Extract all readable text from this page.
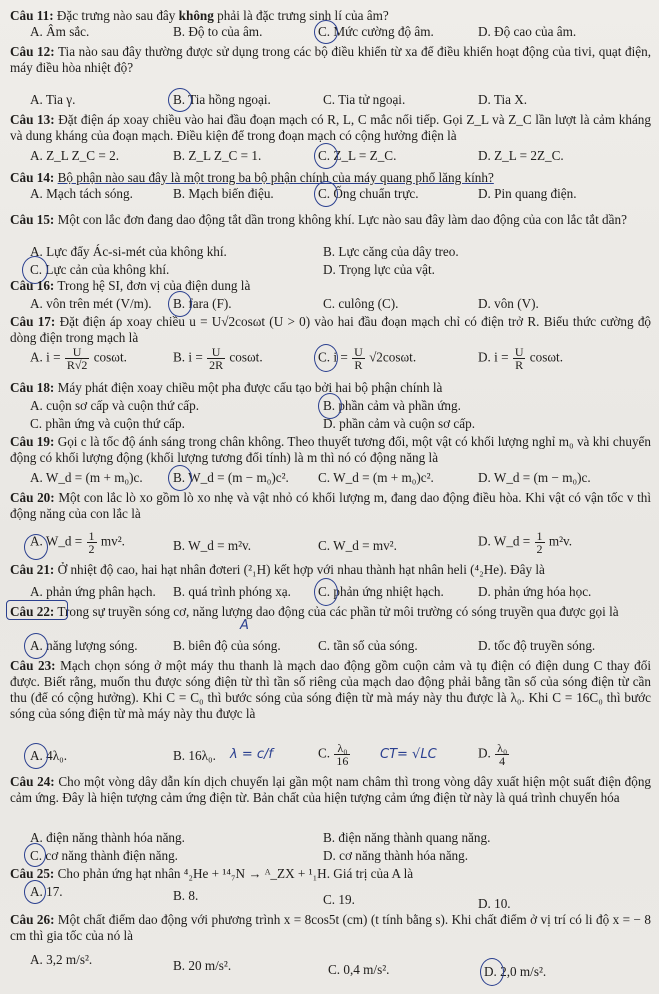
Câu 11: Đặc trưng nào sau đây không phải là đặc trưng sinh lí của âm?
A. Âm sắc.	B. Độ to của âm.	C. Mức cường độ âm.	D. Độ cao của âm.
Câu 12: Tia nào sau đây thường được sử dụng trong các bộ điều khiển từ xa để điều khiển hoạt động của tivi, quạt điện, máy điều hòa nhiệt độ?
A. Tia γ.	B. Tia hồng ngoại.	C. Tia tử ngoại.	D. Tia X.
Câu 13: Đặt điện áp xoay chiều vào hai đầu đoạn mạch có R, L, C mắc nối tiếp. Gọi Z_L và Z_C lần lượt là cảm kháng và dung kháng của đoạn mạch. Điều kiện để trong đoạn mạch có cộng hưởng điện là
A. Z_L Z_C = 2.	B. Z_L Z_C = 1.	C. Z_L = Z_C.	D. Z_L = 2Z_C.
Câu 14: Bộ phận nào sau đây là một trong ba bộ phận chính của máy quang phổ lăng kính?
A. Mạch tách sóng.	B. Mạch biến điệu.	C. Ống chuẩn trực.	D. Pin quang điện.
Câu 15: Một con lắc đơn đang dao động tắt dần trong không khí. Lực nào sau đây làm dao động của con lắc tắt dần?
A. Lực đẩy Ác-si-mét của không khí.	B. Lực căng của dây treo.
C. Lực cản của không khí.	D. Trọng lực của vật.
Câu 16: Trong hệ SI, đơn vị của điện dung là
A. vôn trên mét (V/m). B. fara (F).	C. culông (C).	D. vôn (V).
Câu 17: Đặt điện áp xoay chiều u = U√2cosωt (U > 0) vào hai đầu đoạn mạch chỉ có điện trở R. Biểu thức cường độ dòng điện trong mạch là
A. $i = \frac{U}{R√2} \cos\omega t$.	B. $i = \frac{U}{2R} \cos\omega t$.	C. $i = \frac{U}{R} √2\cos\omega t$.	D. $i = \frac{U}{R} \cos\omega t$.
Câu 18: Máy phát điện xoay chiều một pha được cấu tạo bởi hai bộ phận chính là
A. cuộn sơ cấp và cuộn thứ cấp.	B. phần cảm và phần ứng.
C. phần ứng và cuộn thứ cấp.	D. phần cảm và cuộn sơ cấp.
Câu 19: Gọi c là tốc độ ánh sáng trong chân không. Theo thuyết tương đối, một vật có khối lượng nghỉ m₀ và khi chuyển động có khối lượng động (khối lượng tương đối tính) là m thì nó có động năng là
A. W_d = (m + m₀)c. B. W_d = (m − m₀)c². C. W_d = (m + m₀)c².	D. W_d = (m − m₀)c.
Câu 20: Một con lắc lò xo gồm lò xo nhẹ và vật nhỏ có khối lượng m, đang dao động điều hòa. Khi vật có vận tốc v thì động năng của con lắc là
A. W_d = $\frac{1}{2} mv^2$.	B. W_d = m²v.	C. W_d = mv².	D. W_d = $\frac{1}{2} m^2v$.
Câu 21: Ở nhiệt độ cao, hai hạt nhân đơteri (²₁H) kết hợp với nhau thành hạt nhân heli (⁴₂He). Đây là
A. phản ứng phân hạch. B. quá trình phóng xạ. C. phản ứng nhiệt hạch.	D. phản ứng hóa học.
Câu 22: Trong sự truyền sóng cơ, năng lượng dao động của các phần tử môi trường có sóng truyền qua được gọi là
A
A. năng lượng sóng.	B. biên độ của sóng.	C. tần số của sóng.	D. tốc độ truyền sóng.
Câu 23: Mạch chọn sóng ở một máy thu thanh là mạch dao động gồm cuộn cảm và tụ điện có điện dung C thay đổi được. Biết rằng, muốn thu được sóng điện từ thì tần số riêng của mạch dao động phải bằng tần số của sóng điện từ cần thu (để có cộng hưởng). Khi C = C₀ thì bước sóng của sóng điện từ mà máy này thu được là λ₀. Khi C = 16C₀ thì bước sóng của sóng điện từ mà máy này thu được là
A. 4λ₀.	B. 16λ₀. λ = c/f	C. $\frac{\text{λ₀}}{16} CT= √LC$	D. $\frac{\text{λ₀}}{4}$
Câu 24: Cho một vòng dây dẫn kín dịch chuyển lại gần một nam châm thì trong vòng dây xuất hiện một suất điện động cảm ứng. Đây là hiện tượng cảm ứng điện từ. Bản chất của hiện tượng cảm ứng điện từ này là quá trình chuyển hóa
A. điện năng thành hóa năng.	B. điện năng thành quang năng.
C. cơ năng thành điện năng.	D. cơ năng thành hóa năng.
Câu 25: Cho phản ứng hạt nhân ⁴₂He + ¹⁴₇N → ᴬ_ZX + ¹₁H. Giá trị của A là
A. 17.	B. 8.	C. 19.	D. 10.
Câu 26: Một chất điểm dao động với phương trình x = 8cos5t (cm) (t tính bằng s). Khi chất điểm ở vị trí có li độ x = − 8 cm thì gia tốc của nó là
A. 3,2 m/s².	B. 20 m/s².	C. 0,4 m/s².	D. 2,0 m/s².
